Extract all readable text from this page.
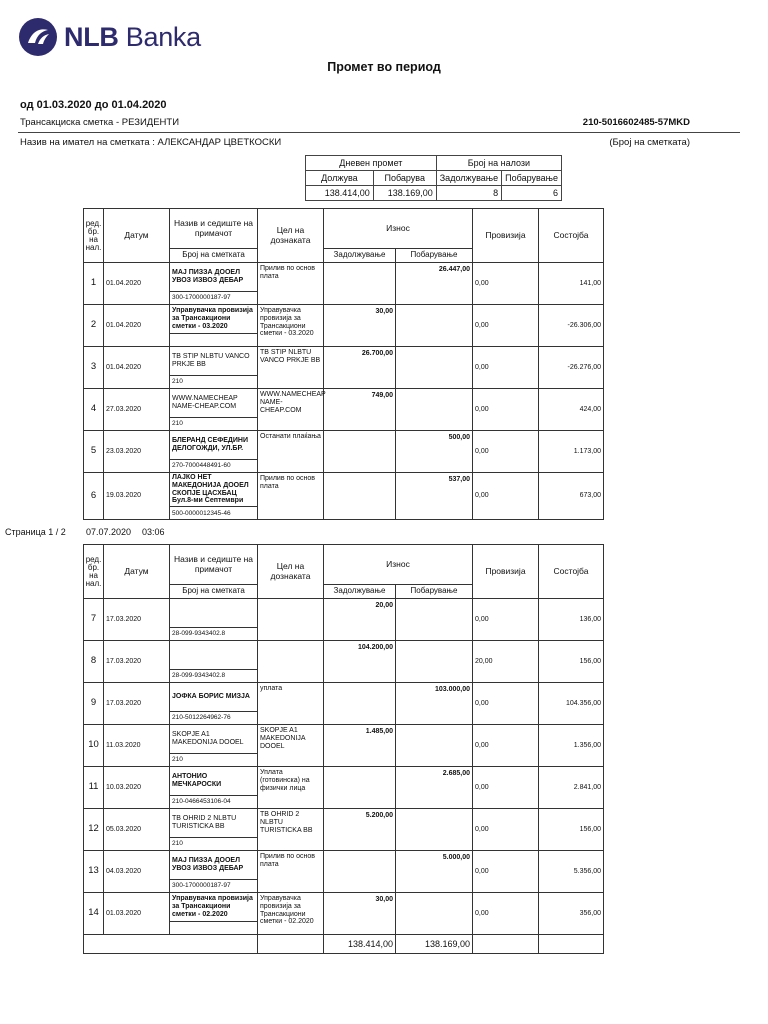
NLB Banka
Промет во период
од 01.03.2020 до 01.04.2020
Трансакциска сметка - РЕЗИДЕНТИ	210-5016602485-57MKD
Назив на имател на сметката : АЛЕКСАНДАР ЦВЕТКОСКИ	(Број на сметката)
Дневен промет		Број на налози	
Должува	Побарува	Задолжување	Побарување
138.414,00	138.169,00	8	6
ред. бр. на нал.	Датум	Назив и седиште на примачот	Цел на дознаката	Износ		Провизија	Состојба
		Број на сметката		Задолжување	Побарување		
1	01.04.2020	МАЈ ПИЗЗА ДООЕЛ УВОЗ ИЗВОЗ ДЕБАР	Прилив по основ плата		26.447,00	0,00	141,00
		300-1700000187-97					
2	01.04.2020	Управувачка провизија за Трансакциони сметки - 03.2020	Управувачка провизија за Трансакциони сметки - 03.2020	30,00		0,00	-26.306,00

3	01.04.2020	TB STIP NLBTU VANCO PRKJE BB	TB STIP NLBTU VANCO PRKJE BB	26.700,00		0,00	-26.276,00
		210					
4	27.03.2020	WWW.NAMECHEAP NAME-CHEAP.COM	WWW.NAMECHEAP NAME-CHEAP.COM	749,00		0,00	424,00
		210					
5	23.03.2020	БЛЕРАНД СЕФЕДИНИ ДЕЛОГОЖДИ, УЛ.БР.	Останати плаќања		500,00	0,00	1.173,00
		270-7000448491-60					
6	19.03.2020	ЛАЈКО НЕТ МАКЕДОНИЈА ДООЕЛ СКОПЈЕ ЦАСХБАЦ Бул.8-ми Септември	Прилив по основ плата		537,00	0,00	673,00
		500-0000012345-46					
Страница 1 / 2 07.07.2020 03:06
ред. бр. на нал.	Датум	Назив и седиште на примачот	Цел на дознаката	Износ		Провизија	Состојба
		Број на сметката		Задолжување	Побарување		
7	17.03.2020			20,00		0,00	136,00
		28-099-9343402.8					
8	17.03.2020			104.200,00		20,00	156,00
		28-099-9343402.8					
9	17.03.2020	ЈОФКА БОРИС МИЗЈА	уплата		103.000,00	0,00	104.356,00
		210-5012264962-76					
10	11.03.2020	SKOPJE A1 MAKEDONIJA DOOEL	SKOPJE A1 MAKEDONIJA DOOEL	1.485,00		0,00	1.356,00
		210					
11	10.03.2020	АНТОНИО МЕЧКАРОСКИ	Уплата (готовинска) на физички лица		2.685,00	0,00	2.841,00
		210-0466453106-04					
12	05.03.2020	TB OHRID 2 NLBTU TURISTICKA BB	TB OHRID 2 NLBTU TURISTICKA BB	5.200,00		0,00	156,00
		210					
13	04.03.2020	МАЈ ПИЗЗА ДООЕЛ УВОЗ ИЗВОЗ ДЕБАР	Прилив по основ плата		5.000,00	0,00	5.356,00
		300-1700000187-97					
14	01.03.2020	Управувачка провизија за Трансакциони сметки - 02.2020	Управувачка провизија за Трансакциони сметки - 02.2020	30,00		0,00	356,00

				138.414,00	138.169,00		
